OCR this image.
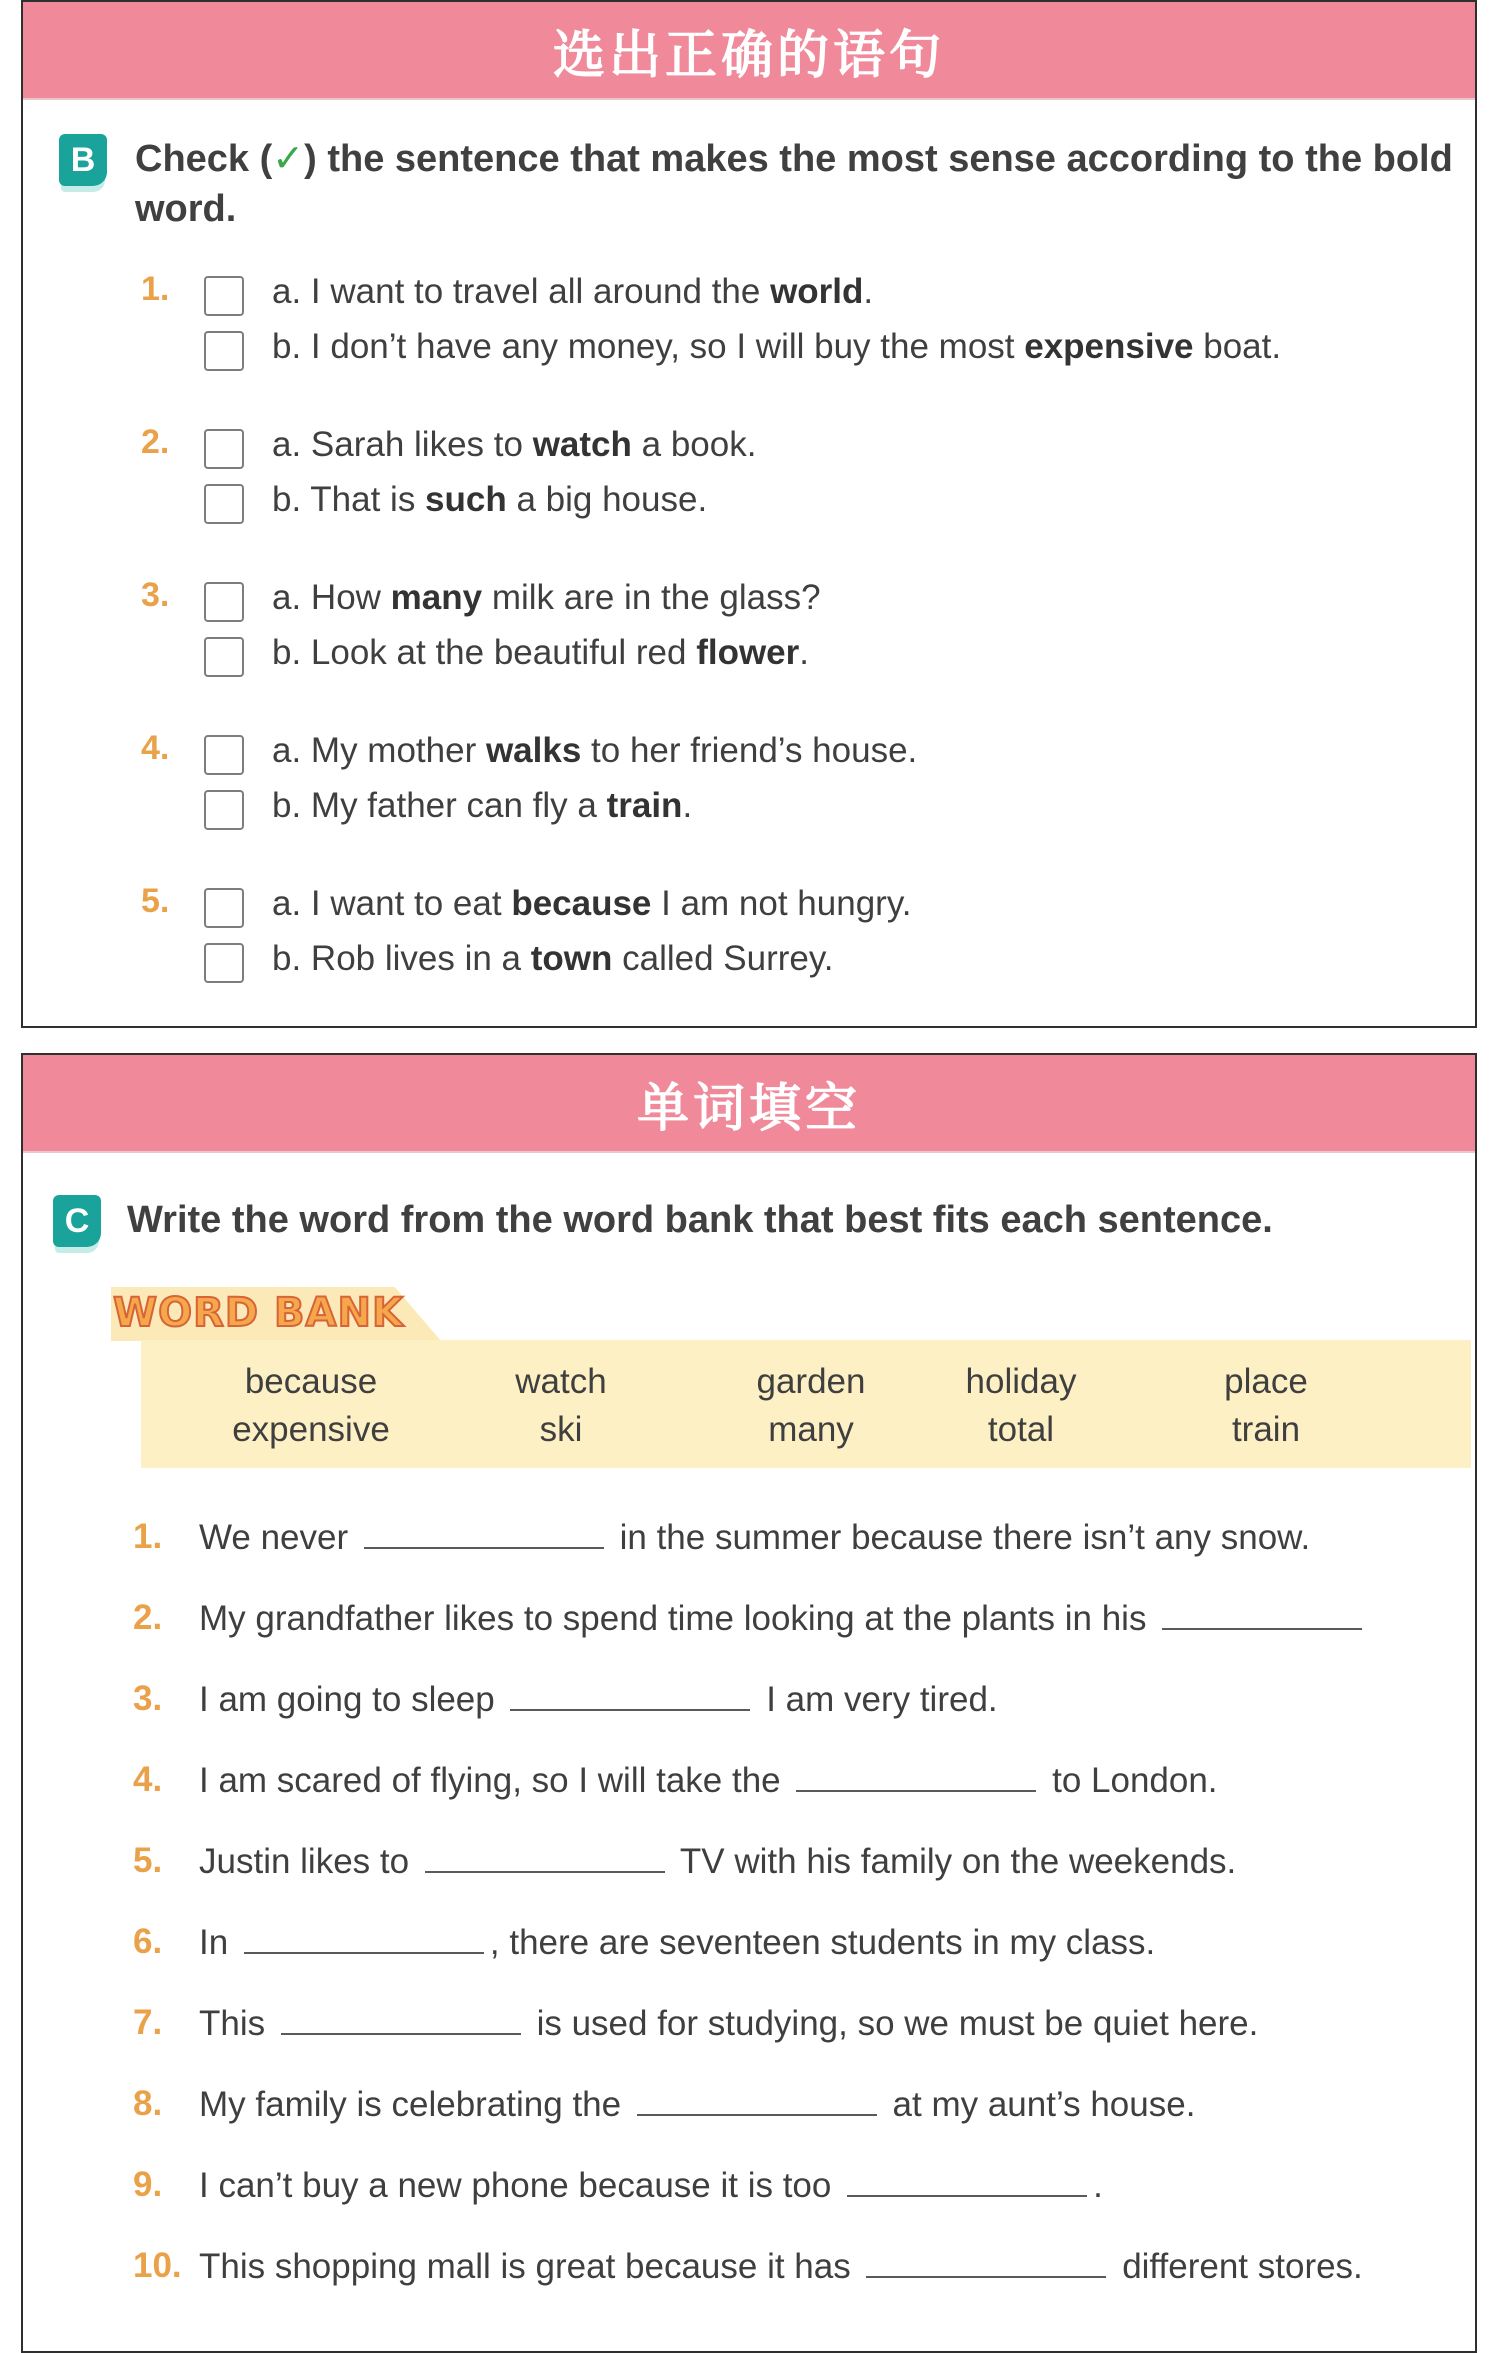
选出正确的语句
B	Check (✓) the sentence that makes the most sense according to the bold word.
1.	a. I want to travel all around the world.
b. I don’t have any money, so I will buy the most expensive boat.
2.	a. Sarah likes to watch a book.
b. That is such a big house.
3.	a. How many milk are in the glass?
b. Look at the beautiful red flower.
4.	a. My mother walks to her friend’s house.
b. My father can fly a train.
5.	a. I want to eat because I am not hungry.
b. Rob lives in a town called Surrey.
单词填空
C Write the word from the word bank that best fits each sentence.
WORD BANK
because	watch	garden	holiday	place
expensive	ski	many	total	train
1. We never	in the summer because there isn’t any snow.
2. My grandfather likes to spend time looking at the plants in his
3. I am going to sleep	I am very tired.
4. I am scared of flying, so I will take the	to London.
5. Justin likes to	TV with his family on the weekends.
6. In	, there are seventeen students in my class.
7. This	is used for studying, so we must be quiet here.
8. My family is celebrating the	at my aunt’s house.
9. I can’t buy a new phone because it is too	.
10. This shopping mall is great because it has	different stores.
